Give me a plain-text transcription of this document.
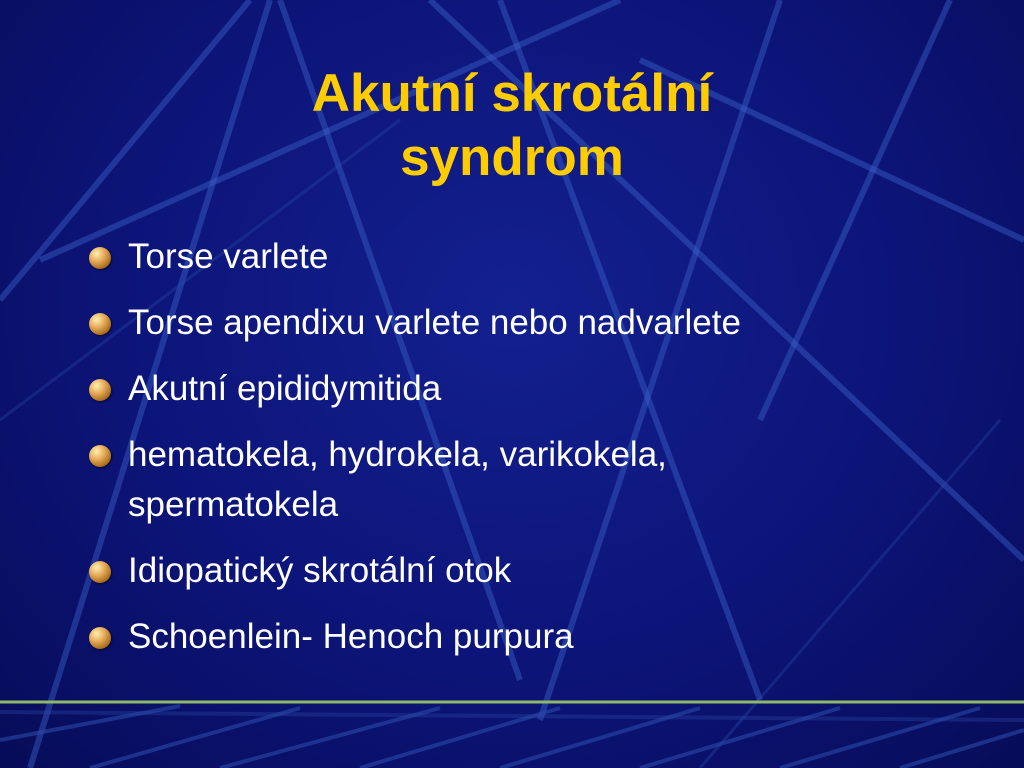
Akutní skrotální
syndrom
Torse varlete
Torse apendixu varlete nebo nadvarlete
Akutní epididymitida
hematokela, hydrokela, varikokela, spermatokela
Idiopatický skrotální otok
Schoenlein- Henoch purpura
